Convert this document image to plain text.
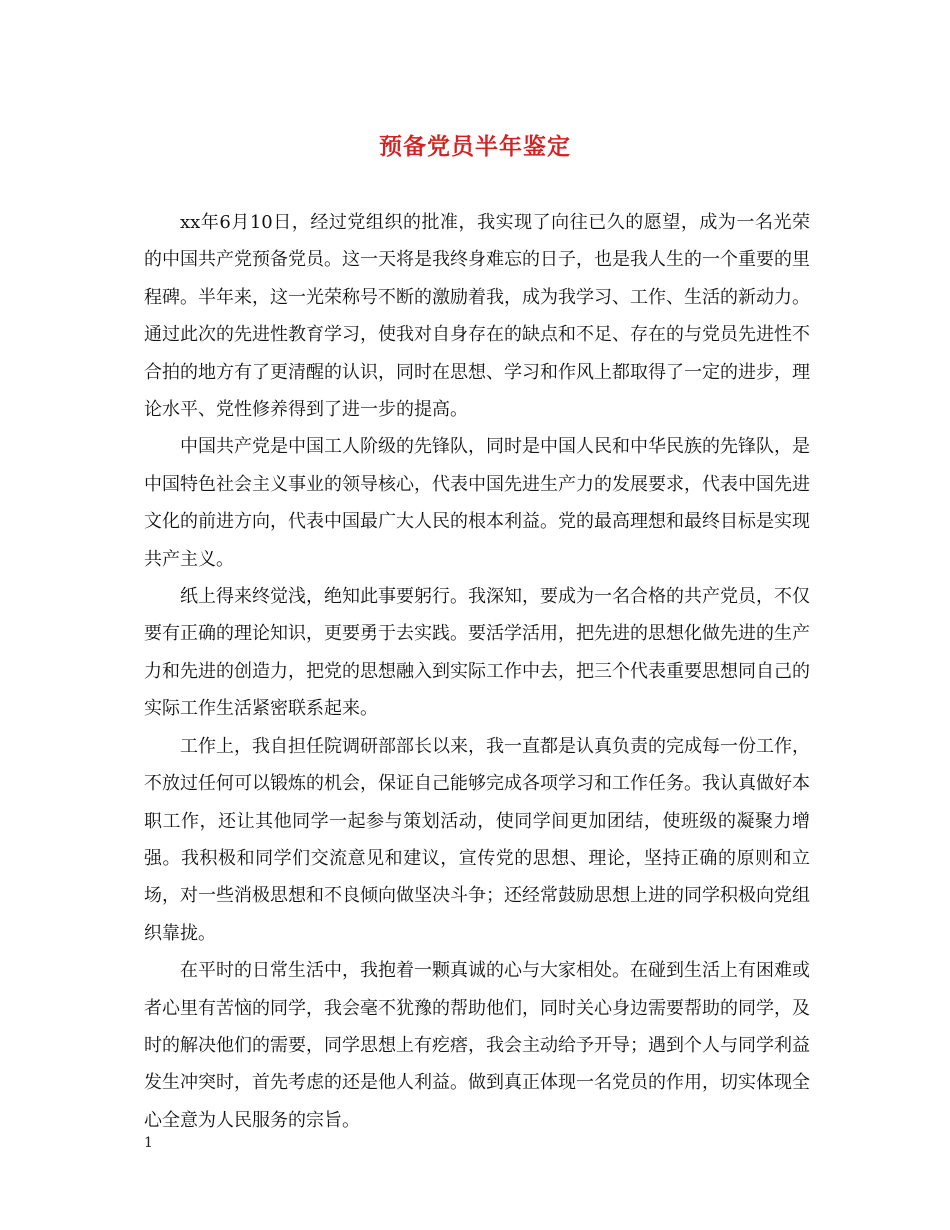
预备党员半年鉴定

xx年6月10日，经过党组织的批准，我实现了向往已久的愿望，成为一名光荣的中国共产党预备党员。这一天将是我终身难忘的日子，也是我人生的一个重要的里程碑。半年来，这一光荣称号不断的激励着我，成为我学习、工作、生活的新动力。通过此次的先进性教育学习，使我对自身存在的缺点和不足、存在的与党员先进性不合拍的地方有了更清醒的认识，同时在思想、学习和作风上都取得了一定的进步，理论水平、党性修养得到了进一步的提高。

中国共产党是中国工人阶级的先锋队，同时是中国人民和中华民族的先锋队，是中国特色社会主义事业的领导核心，代表中国先进生产力的发展要求，代表中国先进文化的前进方向，代表中国最广大人民的根本利益。党的最高理想和最终目标是实现共产主义。

纸上得来终觉浅，绝知此事要躬行。我深知，要成为一名合格的共产党员，不仅要有正确的理论知识，更要勇于去实践。要活学活用，把先进的思想化做先进的生产力和先进的创造力，把党的思想融入到实际工作中去，把三个代表重要思想同自己的实际工作生活紧密联系起来。

工作上，我自担任院调研部部长以来，我一直都是认真负责的完成每一份工作，不放过任何可以锻炼的机会，保证自己能够完成各项学习和工作任务。我认真做好本职工作，还让其他同学一起参与策划活动，使同学间更加团结，使班级的凝聚力增强。我积极和同学们交流意见和建议，宣传党的思想、理论，坚持正确的原则和立场，对一些消极思想和不良倾向做坚决斗争；还经常鼓励思想上进的同学积极向党组织靠拢。

在平时的日常生活中，我抱着一颗真诚的心与大家相处。在碰到生活上有困难或者心里有苦恼的同学，我会毫不犹豫的帮助他们，同时关心身边需要帮助的同学，及时的解决他们的需要，同学思想上有疙瘩，我会主动给予开导；遇到个人与同学利益发生冲突时，首先考虑的还是他人利益。做到真正体现一名党员的作用，切实体现全心全意为人民服务的宗旨。

1
